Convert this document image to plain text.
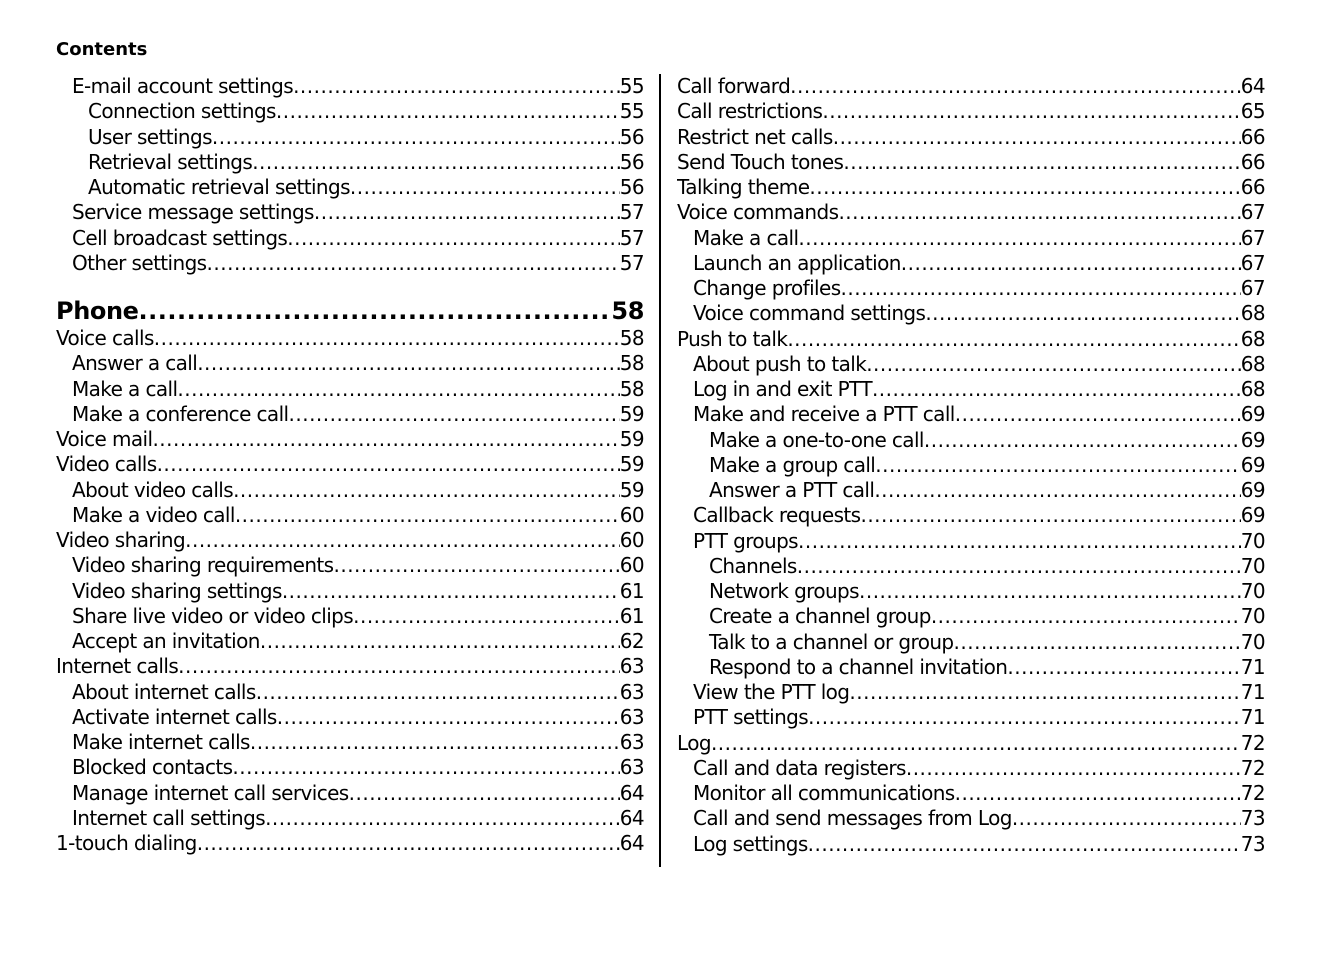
Contents
E-mail account settings .....	55
Connection settings .....	55
User settings .....	56
Retrieval settings .....	56
Automatic retrieval settings .....	56
Service message settings .....	57
Cell broadcast settings .....	57
Other settings .....	57
Phone .....	58
Voice calls .....	58
Answer a call .....	58
Make a call .....	58
Make a conference call .....	59
Voice mail .....	59
Video calls .....	59
About video calls .....	59
Make a video call .....	60
Video sharing .....	60
Video sharing requirements .....	60
Video sharing settings .....	61
Share live video or video clips .....	61
Accept an invitation .....	62
Internet calls .....	63
About internet calls .....	63
Activate internet calls .....	63
Make internet calls .....	63
Blocked contacts .....	63
Manage internet call services .....	64
Internet call settings .....	64
1-touch dialing .....	64
Call forward .....	64
Call restrictions .....	65
Restrict net calls .....	66
Send Touch tones .....	66
Talking theme .....	66
Voice commands .....	67
Make a call .....	67
Launch an application .....	67
Change profiles .....	67
Voice command settings .....	68
Push to talk .....	68
About push to talk .....	68
Log in and exit PTT .....	68
Make and receive a PTT call .....	69
Make a one-to-one call .....	69
Make a group call .....	69
Answer a PTT call .....	69
Callback requests .....	69
PTT groups .....	70
Channels .....	70
Network groups .....	70
Create a channel group .....	70
Talk to a channel or group .....	70
Respond to a channel invitation .....	71
View the PTT log .....	71
PTT settings .....	71
Log .....	72
Call and data registers .....	72
Monitor all communications .....	72
Call and send messages from Log .....	73
Log settings .....	73
